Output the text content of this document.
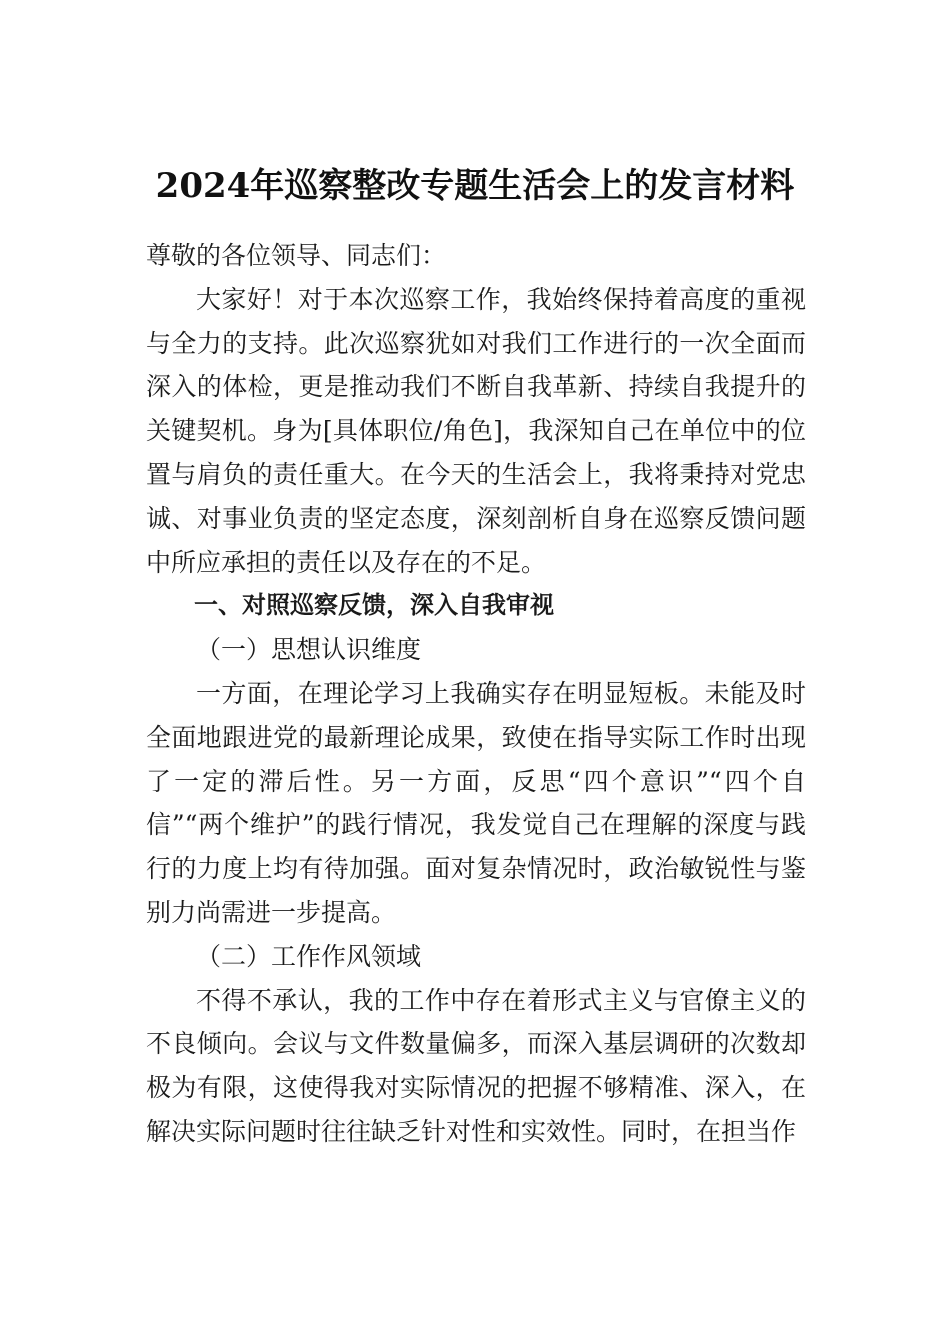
2024年巡察整改专题生活会上的发言材料

尊敬的各位领导、同志们：

大家好！对于本次巡察工作，我始终保持着高度的重视与全力的支持。此次巡察犹如对我们工作进行的一次全面而深入的体检，更是推动我们不断自我革新、持续自我提升的关键契机。身为[具体职位/角色]，我深知自己在单位中的位置与肩负的责任重大。在今天的生活会上，我将秉持对党忠诚、对事业负责的坚定态度，深刻剖析自身在巡察反馈问题中所应承担的责任以及存在的不足。

一、对照巡察反馈，深入自我审视

（一）思想认识维度

一方面，在理论学习上我确实存在明显短板。未能及时全面地跟进党的最新理论成果，致使在指导实际工作时出现了一定的滞后性。另一方面，反思“四个意识”“四个自信”“两个维护”的践行情况，我发觉自己在理解的深度与践行的力度上均有待加强。面对复杂情况时，政治敏锐性与鉴别力尚需进一步提高。

（二）工作作风领域

不得不承认，我的工作中存在着形式主义与官僚主义的不良倾向。会议与文件数量偏多，而深入基层调研的次数却极为有限，这使得我对实际情况的把握不够精准、深入，在解决实际问题时往往缺乏针对性和实效性。同时，在担当作
